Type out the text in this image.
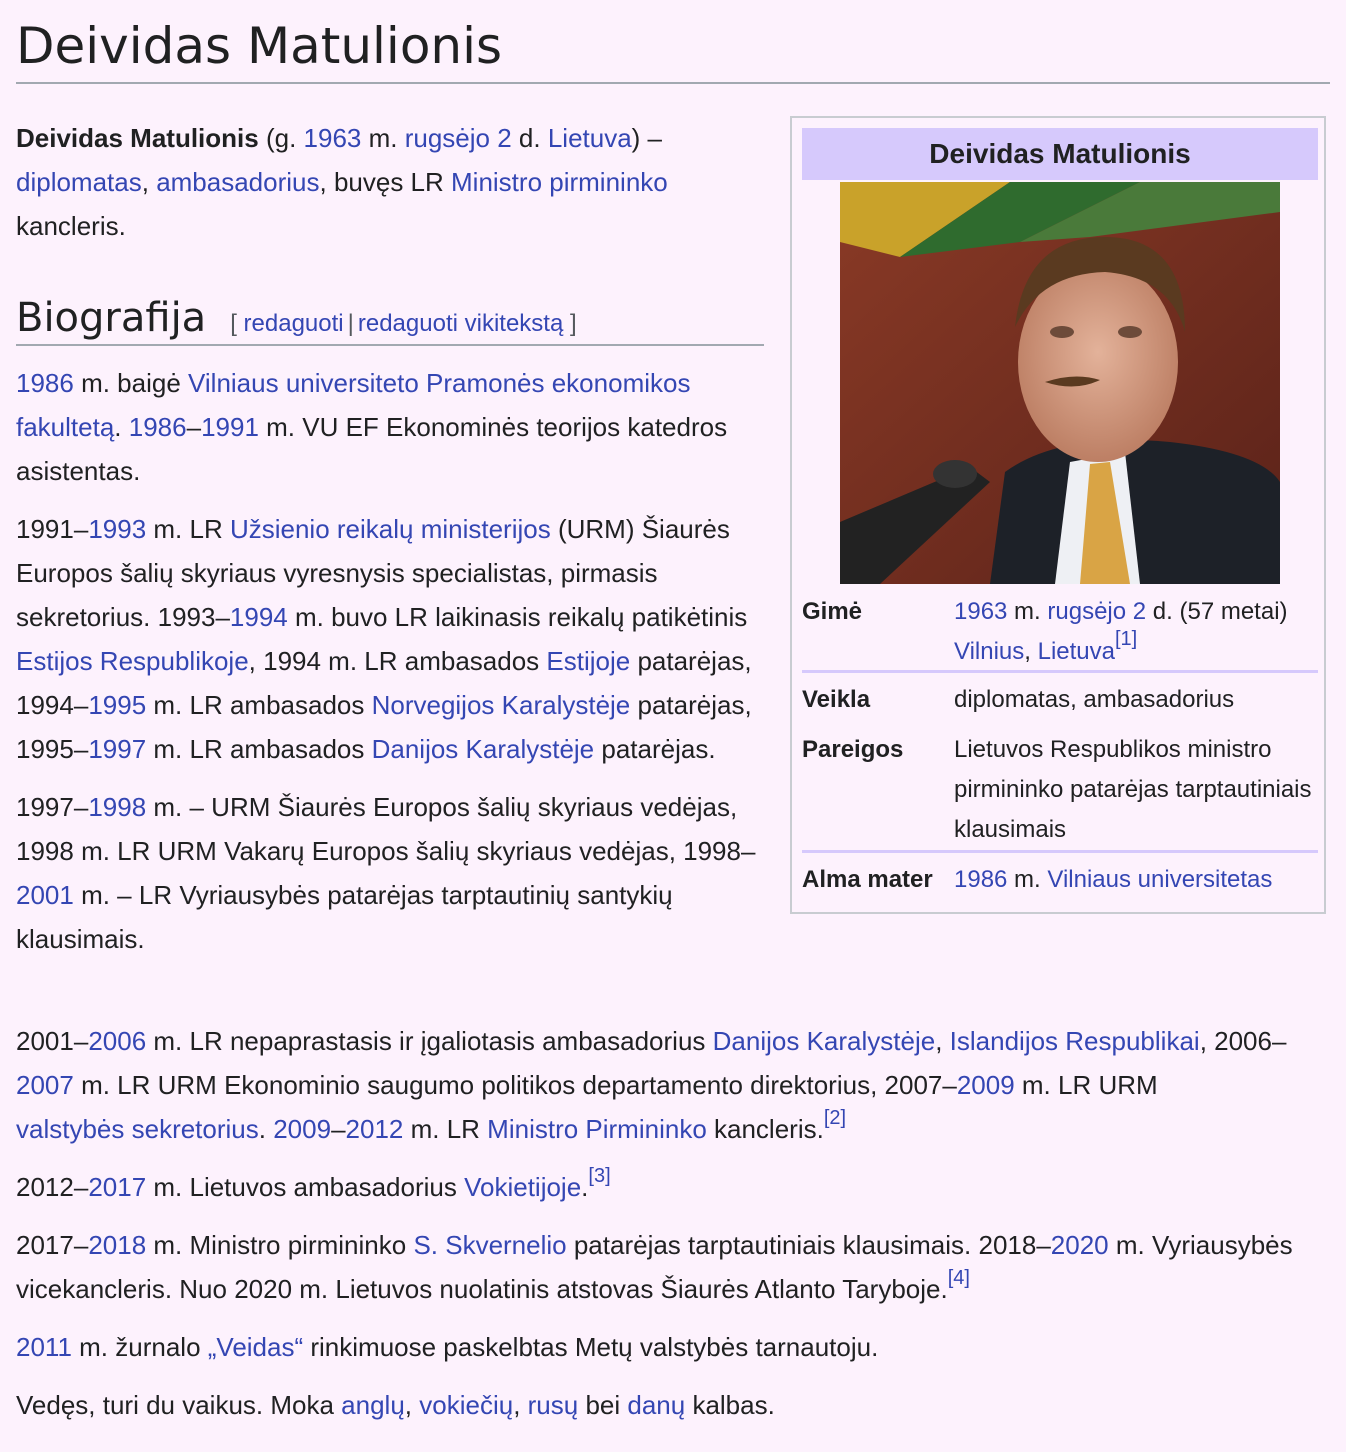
Deividas Matulionis

Deividas Matulionis (g. 1963 m. rugsėjo 2 d. Lietuva) –
diplomatas, ambasadorius, buvęs LR Ministro pirmininko
kancleris.

Biografija [ redaguoti | redaguoti vikitekstą ]

1986 m. baigė Vilniaus universiteto Pramonės ekonomikos fakultetą. 1986–1991 m. VU EF Ekonominės teorijos katedros asistentas.

1991–1993 m. LR Užsienio reikalų ministerijos (URM) Šiaurės Europos šalių skyriaus vyresnysis specialistas, pirmasis sekretorius. 1993–1994 m. buvo LR laikinasis reikalų patikėtinis Estijos Respublikoje, 1994 m. LR ambasados Estijoje patarėjas, 1994–1995 m. LR ambasados Norvegijos Karalystėje patarėjas, 1995–1997 m. LR ambasados Danijos Karalystėje patarėjas.

1997–1998 m. – URM Šiaurės Europos šalių skyriaus vedėjas, 1998 m. LR URM Vakarų Europos šalių skyriaus vedėjas, 1998–2001 m. – LR Vyriausybės patarėjas tarptautinių santykių klausimais.

2001–2006 m. LR nepaprastasis ir įgaliotasis ambasadorius Danijos Karalystėje, Islandijos Respublikai, 2006–2007 m. LR URM Ekonominio saugumo politikos departamento direktorius, 2007–2009 m. LR URM
valstybės sekretorius. 2009–2012 m. LR Ministro Pirmininko kancleris.[2]

2012–2017 m. Lietuvos ambasadorius Vokietijoje.[3]

2017–2018 m. Ministro pirmininko S. Skvernelio patarėjas tarptautiniais klausimais. 2018–2020 m. Vyriausybės vicekancleris. Nuo 2020 m. Lietuvos nuolatinis atstovas Šiaurės Atlanto Taryboje.[4]

2011 m. žurnalo „Veidas“ rinkimuose paskelbtas Metų valstybės tarnautoju.

Vedęs, turi du vaikus. Moka anglų, vokiečių, rusų bei danų kalbas.

Deividas Matulionis
Gimė	1963 m. rugsėjo 2 d. (57 metai)
Vilnius, Lietuva[1]
Veikla	diplomatas, ambasadorius
Pareigos Lietuvos Respublikos ministro pirmininko patarėjas tarptautiniais klausimais
Alma mater 1986 m. Vilniaus universitetas
